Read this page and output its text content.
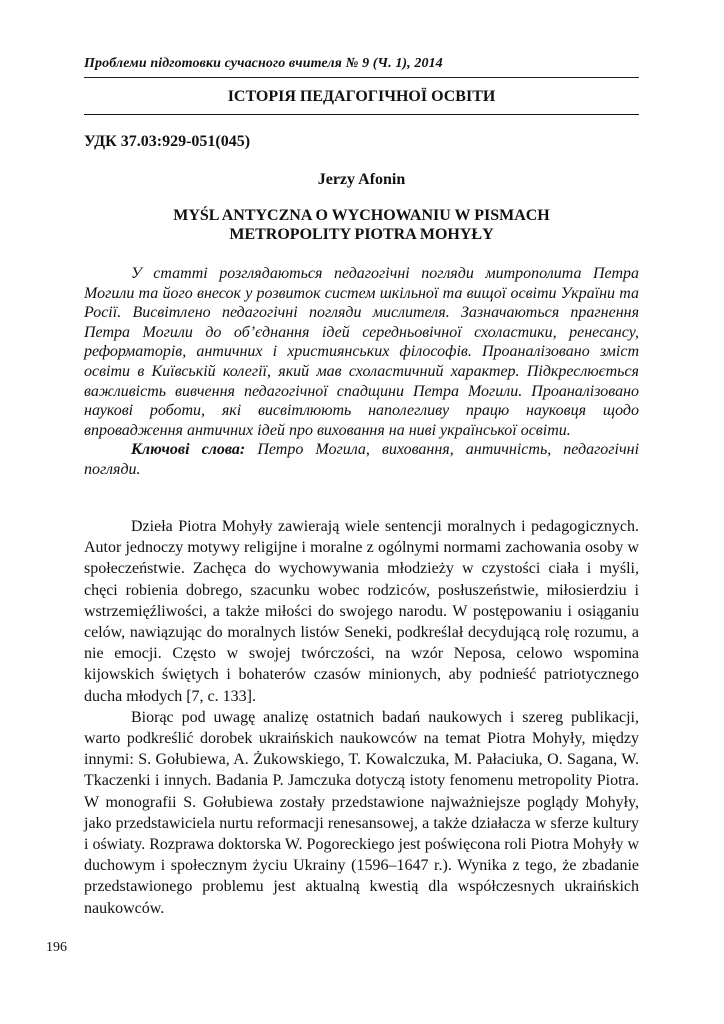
Проблеми підготовки сучасного вчителя № 9 (Ч. 1), 2014
ІСТОРІЯ ПЕДАГОГІЧНОЇ ОСВІТИ
УДК 37.03:929-051(045)
Jerzy Afonin
MYŚL ANTYCZNA O WYCHOWANIU W PISMACH
METROPOLITY PIOTRA MOHYŁY

У статті розглядаються педагогічні погляди митрополита Петра Могили та його внесок у розвиток систем шкільної та вищої освіти України та Росії. Висвітлено педагогічні погляди мислителя. Зазначаються прагнення Петра Могили до об’єднання ідей середньовічної схоластики, ренесансу, реформаторів, античних і християнських філософів. Проаналізовано зміст освіти в Київській колегії, який мав схоластичний характер. Підкреслюється важливість вивчення педагогічної спадщини Петра Могили. Проаналізовано наукові роботи, які висвітлюють наполегливу працю науковця щодо впровадження античних ідей про виховання на ниві української освіти.

Ключові слова: Петро Могила, виховання, античність, педагогічні погляди.

Dzieła Piotra Mohyły zawierają wiele sentencji moralnych i pedagogicznych. Autor jednoczy motywy religijne i moralne z ogólnymi normami zachowania osoby w społeczeństwie. Zachęca do wychowywania młodzieży w czystości ciała i myśli, chęci robienia dobrego, szacunku wobec rodziców, posłuszeństwie, miłosierdziu i wstrzemięźliwości, a także miłości do swojego narodu. W postępowaniu i osiąganiu celów, nawiązując do moralnych listów Seneki, podkreślał decydującą rolę rozumu, a nie emocji. Często w swojej twórczości, na wzór Neposa, celowo wspomina kijowskich świętych i bohaterów czasów minionych, aby podnieść patriotycznego ducha młodych [7, c. 133].

Biorąc pod uwagę analizę ostatnich badań naukowych i szereg publikacji, warto podkreślić dorobek ukraińskich naukowców na temat Piotra Mohyły, między innymi: S. Gołubiewa, A. Żukowskiego, T. Kowalczuka, M. Pałaciuka, O. Sagana, W. Tkaczenki i innych. Badania P. Jamczuka dotyczą istoty fenomenu metropolity Piotra. W monografii S. Gołubiewa zostały przedstawione najważniejsze poglądy Mohyły, jako przedstawiciela nurtu reformacji renesansowej, a także działacza w sferze kultury i oświaty. Rozprawa doktorska W. Pogoreckiego jest poświęcona roli Piotra Mohyły w duchowym i społecznym życiu Ukrainy (1596–1647 r.). Wynika z tego, że zbadanie przedstawionego problemu jest aktualną kwestią dla współczesnych ukraińskich naukowców.

196
